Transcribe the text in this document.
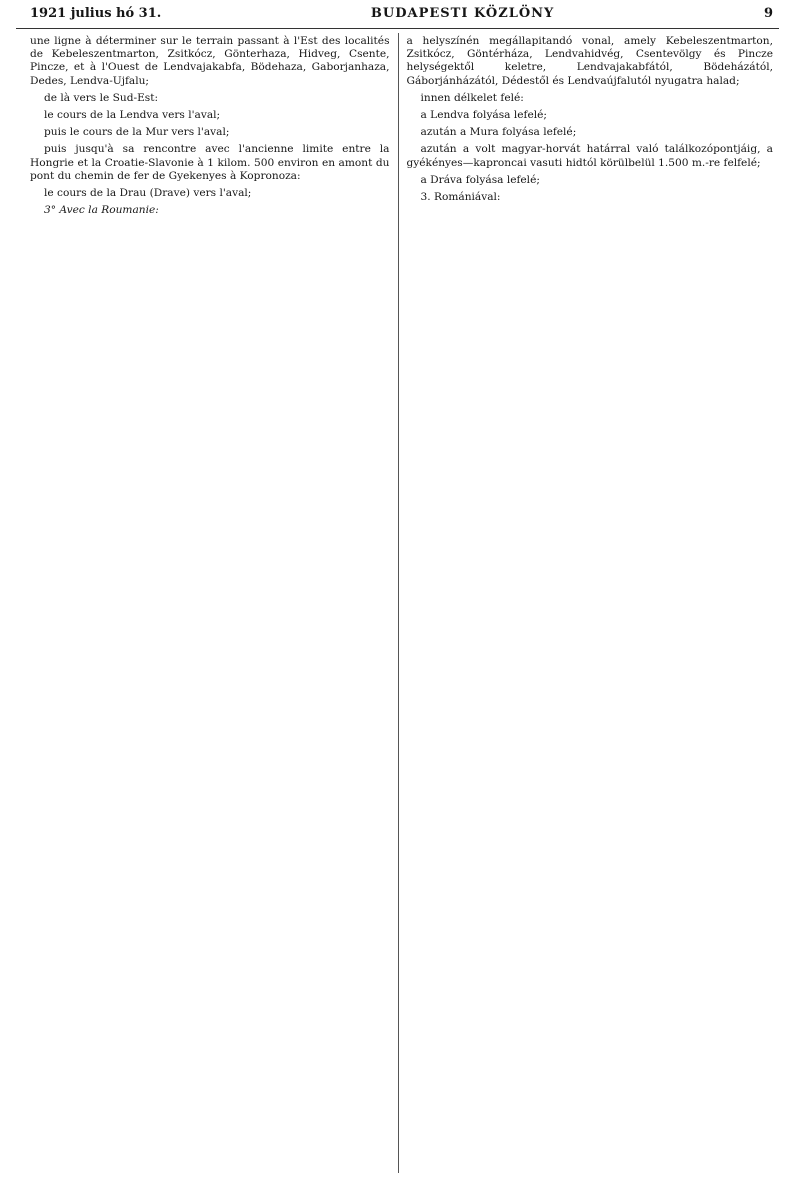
1921 julius hó 31.	BUDAPESTI KÖZLÖNY	9

une ligne à déterminer sur le terrain passant à l'Est des localités de Kebeleszentmarton, Zsitkócz, Gönterhaza, Hidveg, Csente, Pincze, et à l'Ouest de Lendvajakabfa, Bödehaza, Gaborjanhaza, Dedes, Lendva-Ujfalu;

de là vers le Sud-Est:

le cours de la Lendva vers l'aval;

puis le cours de la Mur vers l'aval;

puis jusqu'à sa rencontre avec l'ancienne limite entre la Hongrie et la Croatie-Slavonie à 1 kilom. 500 environ en amont du pont du chemin de fer de Gyekenyes à Kopronoza:

le cours de la Drau (Drave) vers l'aval;

3° Avec la Roumanie:

a helyszínén megállapitandó vonal, amely Kebeleszentmarton, Zsitkócz, Göntérháza, Lendvahidvég, Csentevölgy és Pincze helységektől keletre, Lendvajakabfától, Bödeházától, Gáborjánházától, Dédestől és Lendvaújfalutól nyugatra halad;

innen délkelet felé:

a Lendva folyása lefelé;

azután a Mura folyása lefelé;

azután a volt magyar-horvát határral való találkozópontjáig, a gyékényes—kaproncai vasuti hidtól körülbelül 1.500 m.-re felfelé;

a Dráva folyása lefelé;

3. Romániával:
